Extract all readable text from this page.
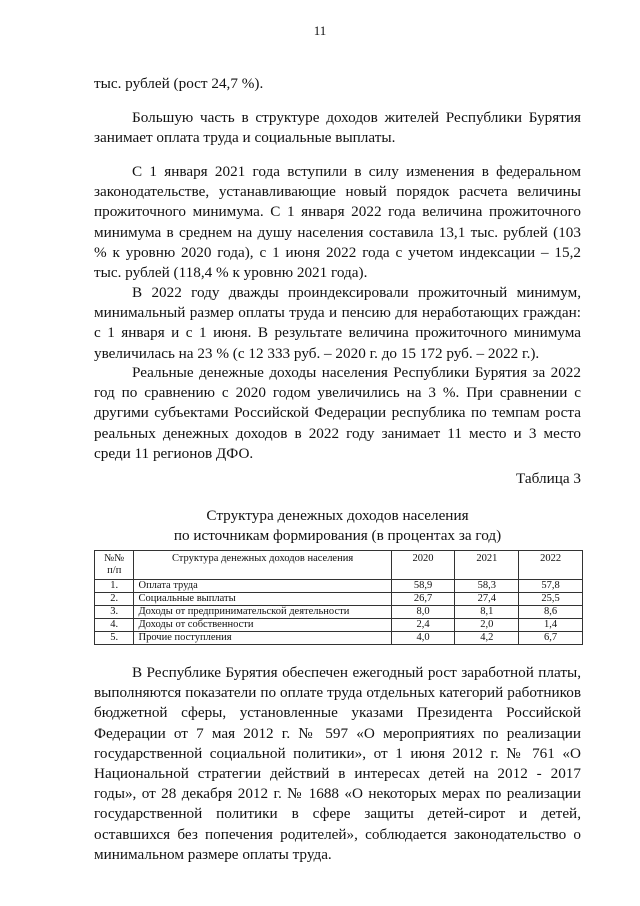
11

тыс. рублей (рост 24,7 %).

Большую часть в структуре доходов жителей Республики Бурятия занимает оплата труда и социальные выплаты.

С 1 января 2021 года вступили в силу изменения в федеральном законодательстве, устанавливающие новый порядок расчета величины прожиточного минимума. С 1 января 2022 года величина прожиточного минимума в среднем на душу населения составила 13,1 тыс. рублей (103 % к уровню 2020 года), с 1 июня 2022 года с учетом индексации – 15,2 тыс. рублей (118,4 % к уровню 2021 года).

В 2022 году дважды проиндексировали прожиточный минимум, минимальный размер оплаты труда и пенсию для неработающих граждан: с 1 января и с 1 июня. В результате величина прожиточного минимума увеличилась на 23 % (с 12 333 руб. – 2020 г. до 15 172 руб. – 2022 г.).

Реальные денежные доходы населения Республики Бурятия за 2022 год по сравнению с 2020 годом увеличились на 3 %. При сравнении с другими субъектами Российской Федерации республика по темпам роста реальных денежных доходов в 2022 году занимает 11 место и 3 место среди 11 регионов ДФО.

Таблица 3
Структура денежных доходов населения
по источникам формирования (в процентах за год)
№№ п/п	Структура денежных доходов населения	2020	2021	2022
1.	Оплата труда	58,9	58,3	57,8
2.	Социальные выплаты	26,7	27,4	25,5
3.	Доходы от предпринимательской деятельности	8,0	8,1	8,6
4.	Доходы от собственности	2,4	2,0	1,4
5.	Прочие поступления	4,0	4,2	6,7

В Республике Бурятия обеспечен ежегодный рост заработной платы, выполняются показатели по оплате труда отдельных категорий работников бюджетной сферы, установленные указами Президента Российской Федерации от 7 мая 2012 г. № 597 «О мероприятиях по реализации государственной социальной политики», от 1 июня 2012 г. № 761 «О Национальной стратегии действий в интересах детей на 2012 - 2017 годы», от 28 декабря 2012 г. № 1688 «О некоторых мерах по реализации государственной политики в сфере защиты детей-сирот и детей, оставшихся без попечения родителей», соблюдается законодательство о минимальном размере оплаты труда.
